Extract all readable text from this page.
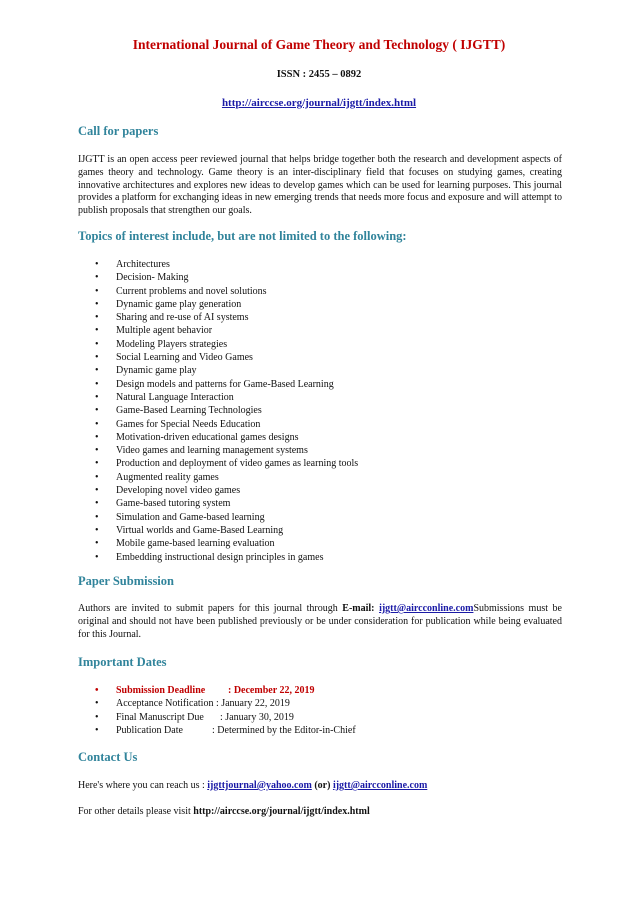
International Journal of Game Theory and Technology ( IJGTT)
ISSN : 2455 – 0892
http://airccse.org/journal/ijgtt/index.html
Call for papers

IJGTT is an open access peer reviewed journal that helps bridge together both the research and development aspects of games theory and technology. Game theory is an inter-disciplinary field that focuses on studying games, creating innovative architectures and explores new ideas to develop games which can be used for learning purposes. This journal provides a platform for exchanging ideas in new emerging trends that needs more focus and exposure and will attempt to publish proposals that strengthen our goals.

Topics of interest include, but are not limited to the following:
• Architectures
• Decision- Making
• Current problems and novel solutions
• Dynamic game play generation
• Sharing and re-use of AI systems
• Multiple agent behavior
• Modeling Players strategies
• Social Learning and Video Games
• Dynamic game play
• Design models and patterns for Game-Based Learning
• Natural Language Interaction
• Game-Based Learning Technologies
• Games for Special Needs Education
• Motivation-driven educational games designs
• Video games and learning management systems
• Production and deployment of video games as learning tools
• Augmented reality games
• Developing novel video games
• Game-based tutoring system
• Simulation and Game-based learning
• Virtual worlds and Game-Based Learning
• Mobile game-based learning evaluation
• Embedding instructional design principles in games
Paper Submission

Authors are invited to submit papers for this journal through E-mail: ijgtt@aircconline.comSubmissions must be original and should not have been published previously or be under consideration for publication while being evaluated for this Journal.

Important Dates
• Submission Deadline : December 22, 2019
• Acceptance Notification : January 22, 2019
• Final Manuscript Due : January 30, 2019
• Publication Date	: Determined by the Editor-in-Chief
Contact Us
Here's where you can reach us : ijgttjournal@yahoo.com (or) ijgtt@aircconline.com
For other details please visit http://airccse.org/journal/ijgtt/index.html
